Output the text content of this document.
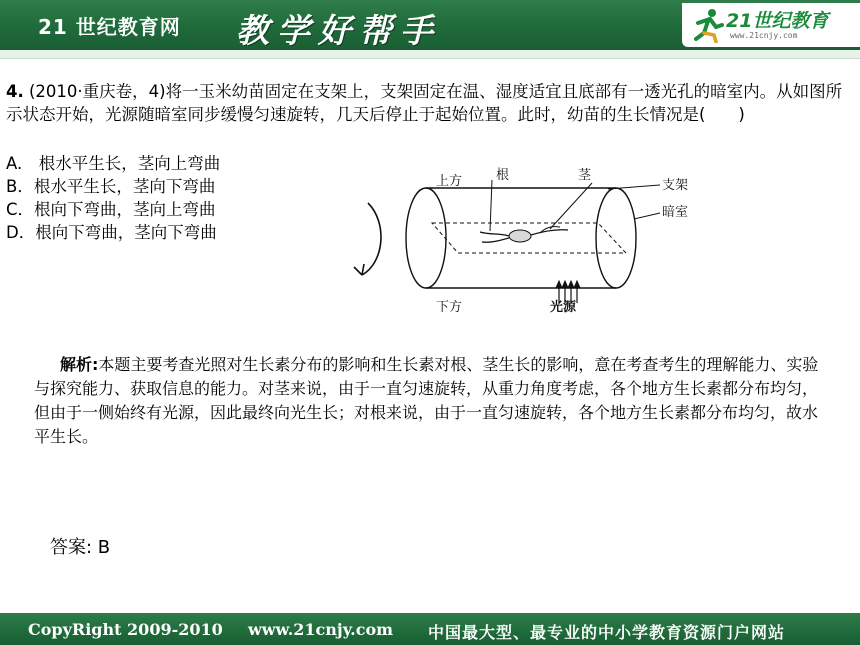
21 世纪教育网 教学好帮手	21世纪教育
www.21cnjy.com
4. (2010·重庆卷，4)将一玉米幼苗固定在支架上，支架固定在温、湿度适宜且底部有一透光孔的暗室内。从如图所示状态开始，光源随暗室同步缓慢匀速旋转，几天后停止于起始位置。此时，幼苗的生长情况是(　　)
A.　根水平生长，茎向上弯曲
B．根水平生长，茎向下弯曲
C．根向下弯曲，茎向上弯曲
D．根向下弯曲，茎向下弯曲
上方
下方
根	茎
支架
暗室
光源
解析:本题主要考查光照对生长素分布的影响和生长素对根、茎生长的影响，意在考查考生的理解能力、实验与探究能力、获取信息的能力。对茎来说，由于一直匀速旋转，从重力角度考虑，各个地方生长素都分布均匀，但由于一侧始终有光源，因此最终向光生长；对根来说，由于一直匀速旋转，各个地方生长素都分布均匀，故水平生长。
答案: B
CopyRight 2009-2010 www.21cnjy.com 中国最大型、最专业的中小学教育资源门户网站
